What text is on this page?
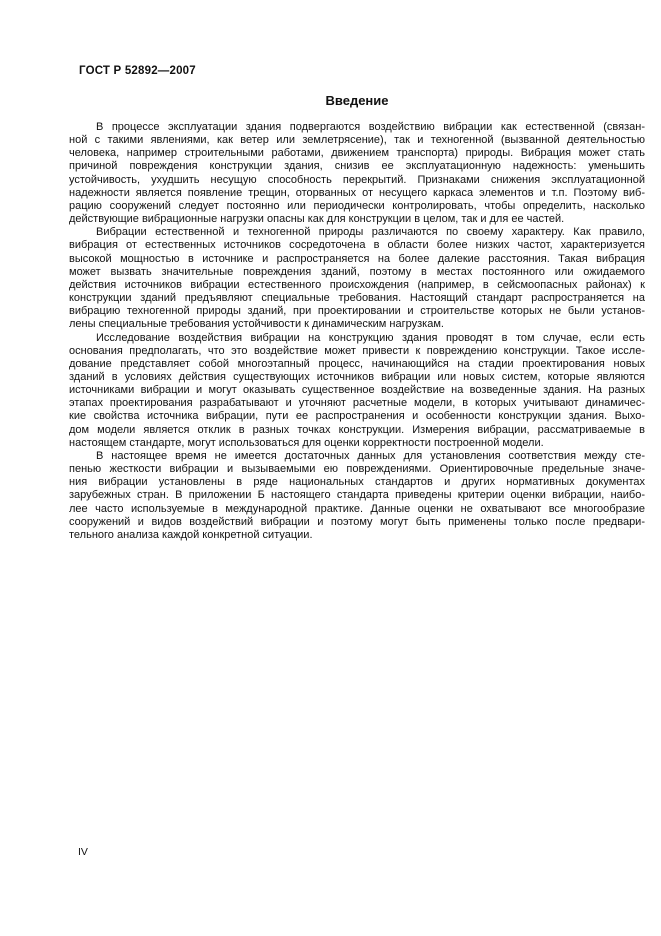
ГОСТ Р 52892—2007
Введение
В процессе эксплуатации здания подвергаются воздействию вибрации как естественной (связан-
ной с такими явлениями, как ветер или землетрясение), так и техногенной (вызванной деятельностью
человека, например строительными работами, движением транспорта) природы. Вибрация может стать
причиной повреждения конструкции здания, снизив ее эксплуатационную надежность: уменьшить
устойчивость, ухудшить несущую способность перекрытий. Признаками снижения эксплуатационной
надежности является появление трещин, оторванных от несущего каркаса элементов и т.п. Поэтому виб-
рацию сооружений следует постоянно или периодически контролировать, чтобы определить, насколько
действующие вибрационные нагрузки опасны как для конструкции в целом, так и для ее частей.
Вибрации естественной и техногенной природы различаются по своему характеру. Как правило,
вибрация от естественных источников сосредоточена в области более низких частот, характеризуется
высокой мощностью в источнике и распространяется на более далекие расстояния. Такая вибрация
может вызвать значительные повреждения зданий, поэтому в местах постоянного или ожидаемого
действия источников вибрации естественного происхождения (например, в сейсмоопасных районах) к
конструкции зданий предъявляют специальные требования. Настоящий стандарт распространяется на
вибрацию техногенной природы зданий, при проектировании и строительстве которых не были установ-
лены специальные требования устойчивости к динамическим нагрузкам.
Исследование воздействия вибрации на конструкцию здания проводят в том случае, если есть
основания предполагать, что это воздействие может привести к повреждению конструкции. Такое иссле-
дование представляет собой многоэтапный процесс, начинающийся на стадии проектирования новых
зданий в условиях действия существующих источников вибрации или новых систем, которые являются
источниками вибрации и могут оказывать существенное воздействие на возведенные здания. На разных
этапах проектирования разрабатывают и уточняют расчетные модели, в которых учитывают динамичес-
кие свойства источника вибрации, пути ее распространения и особенности конструкции здания. Выхо-
дом модели является отклик в разных точках конструкции. Измерения вибрации, рассматриваемые в
настоящем стандарте, могут использоваться для оценки корректности построенной модели.
В настоящее время не имеется достаточных данных для установления соответствия между сте-
пенью жесткости вибрации и вызываемыми ею повреждениями. Ориентировочные предельные значе-
ния вибрации установлены в ряде национальных стандартов и других нормативных документах
зарубежных стран. В приложении Б настоящего стандарта приведены критерии оценки вибрации, наибо-
лее часто используемые в международной практике. Данные оценки не охватывают все многообразие
сооружений и видов воздействий вибрации и поэтому могут быть применены только после предвари-
тельного анализа каждой конкретной ситуации.
IV
